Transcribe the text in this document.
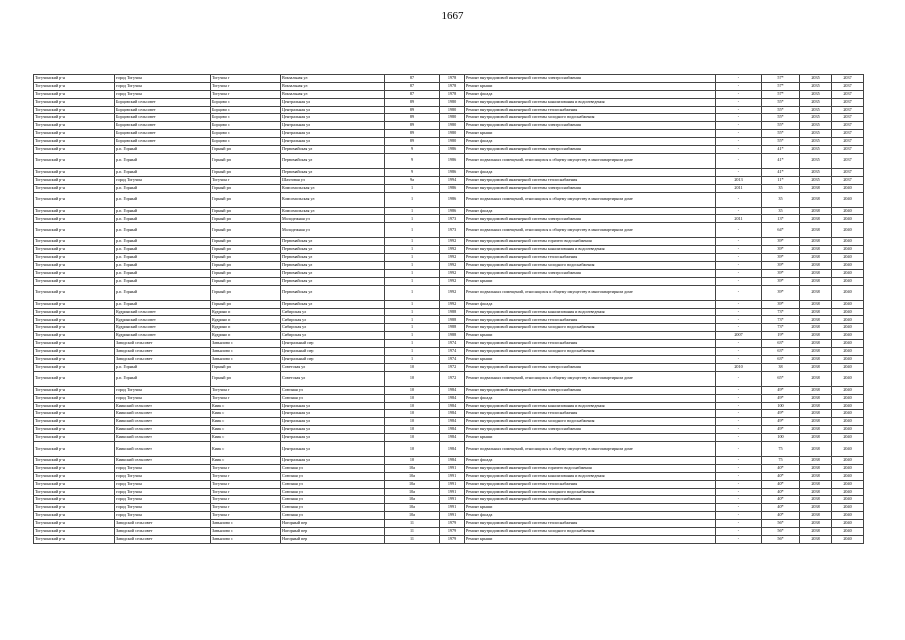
1667
Тогучинский р-н	город Тогучин	Тогучин г	Вокзальная ул	87	1978	Ремонт внутридомовой инженерной системы электроснабжения	-	57*	2035	2037
Тогучинский р-н	город Тогучин	Тогучин г	Вокзальная ул	87	1978	Ремонт крыши	-	57*	2035	2037
Тогучинский р-н	город Тогучин	Тогучин г	Вокзальная ул	87	1978	Ремонт фасада	-	57*	2035	2037
Тогучинский р-н	Борцовский сельсовет	Борцово с	Центральная ул	89	1980	Ремонт внутридомовой инженерной системы канализования и водоотведения	-	55*	2035	2037
Тогучинский р-н	Борцовский сельсовет	Борцово с	Центральная ул	89	1980	Ремонт внутридомовой инженерной системы теплоснабжения	-	55*	2035	2037
Тогучинский р-н	Борцовский сельсовет	Борцово с	Центральная ул	89	1980	Ремонт внутридомовой инженерной системы холодного водоснабжения	-	55*	2035	2037
Тогучинский р-н	Борцовский сельсовет	Борцово с	Центральная ул	89	1980	Ремонт внутридомовой инженерной системы электроснабжения	-	55*	2035	2037
Тогучинский р-н	Борцовский сельсовет	Борцово с	Центральная ул	89	1980	Ремонт крыши	-	55*	2035	2037
Тогучинский р-н	Борцовский сельсовет	Борцово с	Центральная ул	89	1980	Ремонт фасада	-	55*	2035	2037
Тогучинский р-н	р.п. Горный	Горный рп	Первомайская ул	9	1986	Ремонт внутридомовой инженерной системы электроснабжения	-	41*	2035	2037
Тогучинский р-н	р.п. Горный	Горный рп	Первомайская ул	9	1986	Ремонт подвальных помещений, относящихся к общему имуществу в многоквартирном доме	-	41*	2035	2037
Тогучинский р-н	р.п. Горный	Горный рп	Первомайская ул	9	1986	Ремонт фасада	-	41*	2035	2037
Тогучинский р-н	город Тогучин	Тогучин г	Шахтовая ул	9а	1994	Ремонт внутридомовой инженерной системы теплоснабжения	2013	11*	2035	2037
Тогучинский р-н	р.п. Горный	Горный рп	Комсомольская ул	1	1986	Ремонт внутридомовой инженерной системы электроснабжения	2011	35	2038	2040
Тогучинский р-н	р.п. Горный	Горный рп	Комсомольская ул	1	1986	Ремонт подвальных помещений, относящихся к общему имуществу в многоквартирном доме	-	35	2038	2040
Тогучинский р-н	р.п. Горный	Горный рп	Комсомольская ул	1	1986	Ремонт фасада	-	35	2038	2040
Тогучинский р-н	р.п. Горный	Горный рп	Молодежная ул	1	1973	Ремонт внутридомовой инженерной системы электроснабжения	2011	13*	2038	2040
Тогучинский р-н	р.п. Горный	Горный рп	Молодежная ул	1	1973	Ремонт подвальных помещений, относящихся к общему имуществу в многоквартирном доме	-	64*	2038	2040
Тогучинский р-н	р.п. Горный	Горный рп	Первомайская ул	1	1992	Ремонт внутридомовой инженерной системы горячего водоснабжения	-	39*	2038	2040
Тогучинский р-н	р.п. Горный	Горный рп	Первомайская ул	1	1992	Ремонт внутридомовой инженерной системы канализования и водоотведения	-	39*	2038	2040
Тогучинский р-н	р.п. Горный	Горный рп	Первомайская ул	1	1992	Ремонт внутридомовой инженерной системы теплоснабжения	-	39*	2038	2040
Тогучинский р-н	р.п. Горный	Горный рп	Первомайская ул	1	1992	Ремонт внутридомовой инженерной системы холодного водоснабжения	-	39*	2038	2040
Тогучинский р-н	р.п. Горный	Горный рп	Первомайская ул	1	1992	Ремонт внутридомовой инженерной системы электроснабжения	-	39*	2038	2040
Тогучинский р-н	р.п. Горный	Горный рп	Первомайская ул	1	1992	Ремонт крыши	-	39*	2038	2040
Тогучинский р-н	р.п. Горный	Горный рп	Первомайская ул	1	1992	Ремонт подвальных помещений, относящихся к общему имуществу в многоквартирном доме	-	39*	2038	2040
Тогучинский р-н	р.п. Горный	Горный рп	Первомайская ул	1	1992	Ремонт фасада	-	39*	2038	2040
Тогучинский р-н	Кудринский сельсовет	Кудрино п	Сибирская ул	1	1988	Ремонт внутридомовой инженерной системы канализования и водоотведения	-	73*	2038	2040
Тогучинский р-н	Кудринский сельсовет	Кудрино п	Сибирская ул	1	1988	Ремонт внутридомовой инженерной системы теплоснабжения	-	73*	2038	2040
Тогучинский р-н	Кудринский сельсовет	Кудрино п	Сибирская ул	1	1988	Ремонт внутридомовой инженерной системы холодного водоснабжения	-	73*	2038	2040
Тогучинский р-н	Кудринский сельсовет	Кудрино п	Сибирская ул	1	1988	Ремонт крыши	2007	19*	2038	2040
Тогучинский р-н	Заводской сельсовет	Завьялово с	Центральный пер	1	1974	Ремонт внутридомовой инженерной системы теплоснабжения	-	63*	2038	2040
Тогучинский р-н	Заводской сельсовет	Завьялово с	Центральный пер	1	1974	Ремонт внутридомовой инженерной системы холодного водоснабжения	-	63*	2038	2040
Тогучинский р-н	Заводской сельсовет	Завьялово с	Центральный пер	1	1974	Ремонт крыши	-	63*	2038	2040
Тогучинский р-н	р.п. Горный	Горный рп	Советская ул	10	1972	Ремонт внутридомовой инженерной системы электроснабжения	2010	38	2038	2040
Тогучинский р-н	р.п. Горный	Горный рп	Советская ул	10	1972	Ремонт подвальных помещений, относящихся к общему имуществу в многоквартирном доме	-	65*	2038	2040
Тогучинский р-н	город Тогучин	Тогучин г	Союзная ул	10	1984	Ремонт внутридомовой инженерной системы электроснабжения	-	49*	2038	2040
Тогучинский р-н	город Тогучин	Тогучин г	Союзная ул	10	1984	Ремонт фасада	-	49*	2038	2040
Тогучинский р-н	Киикский сельсовет	Киик с	Центральная ул	10	1984	Ремонт внутридомовой инженерной системы канализования и водоотведения	-	100	2038	2040
Тогучинский р-н	Киикский сельсовет	Киик с	Центральная ул	10	1984	Ремонт внутридомовой инженерной системы теплоснабжения	-	49*	2038	2040
Тогучинский р-н	Киикский сельсовет	Киик с	Центральная ул	10	1984	Ремонт внутридомовой инженерной системы холодного водоснабжения	-	49*	2038	2040
Тогучинский р-н	Киикский сельсовет	Киик с	Центральная ул	10	1984	Ремонт внутридомовой инженерной системы электроснабжения	-	49*	2038	2040
Тогучинский р-н	Киикский сельсовет	Киик с	Центральная ул	10	1984	Ремонт крыши	-	100	2038	2040
Тогучинский р-н	Киикский сельсовет	Киик с	Центральная ул	10	1984	Ремонт подвальных помещений, относящихся к общему имуществу в многоквартирном доме	-	75	2038	2040
Тогучинский р-н	Киикский сельсовет	Киик с	Центральная ул	10	1984	Ремонт фасада	-	75	2038	2040
Тогучинский р-н	город Тогучин	Тогучин г	Союзная ул	10а	1991	Ремонт внутридомовой инженерной системы горячего водоснабжения	-	40*	2038	2040
Тогучинский р-н	город Тогучин	Тогучин г	Союзная ул	10а	1991	Ремонт внутридомовой инженерной системы канализования и водоотведения	-	40*	2038	2040
Тогучинский р-н	город Тогучин	Тогучин г	Союзная ул	10а	1991	Ремонт внутридомовой инженерной системы теплоснабжения	-	40*	2038	2040
Тогучинский р-н	город Тогучин	Тогучин г	Союзная ул	10а	1991	Ремонт внутридомовой инженерной системы холодного водоснабжения	-	40*	2038	2040
Тогучинский р-н	город Тогучин	Тогучин г	Союзная ул	10а	1991	Ремонт внутридомовой инженерной системы электроснабжения	-	40*	2038	2040
Тогучинский р-н	город Тогучин	Тогучин г	Союзная ул	10а	1991	Ремонт крыши	-	40*	2038	2040
Тогучинский р-н	город Тогучин	Тогучин г	Союзная ул	10а	1991	Ремонт фасада	-	40*	2038	2040
Тогучинский р-н	Заводской сельсовет	Завьялово с	Нагорный пер	11	1979	Ремонт внутридомовой инженерной системы теплоснабжения	-	56*	2038	2040
Тогучинский р-н	Заводской сельсовет	Завьялово с	Нагорный пер	11	1979	Ремонт внутридомовой инженерной системы холодного водоснабжения	-	56*	2038	2040
Тогучинский р-н	Заводской сельсовет	Завьялово с	Нагорный пер	11	1979	Ремонт крыши	-	56*	2038	2040
